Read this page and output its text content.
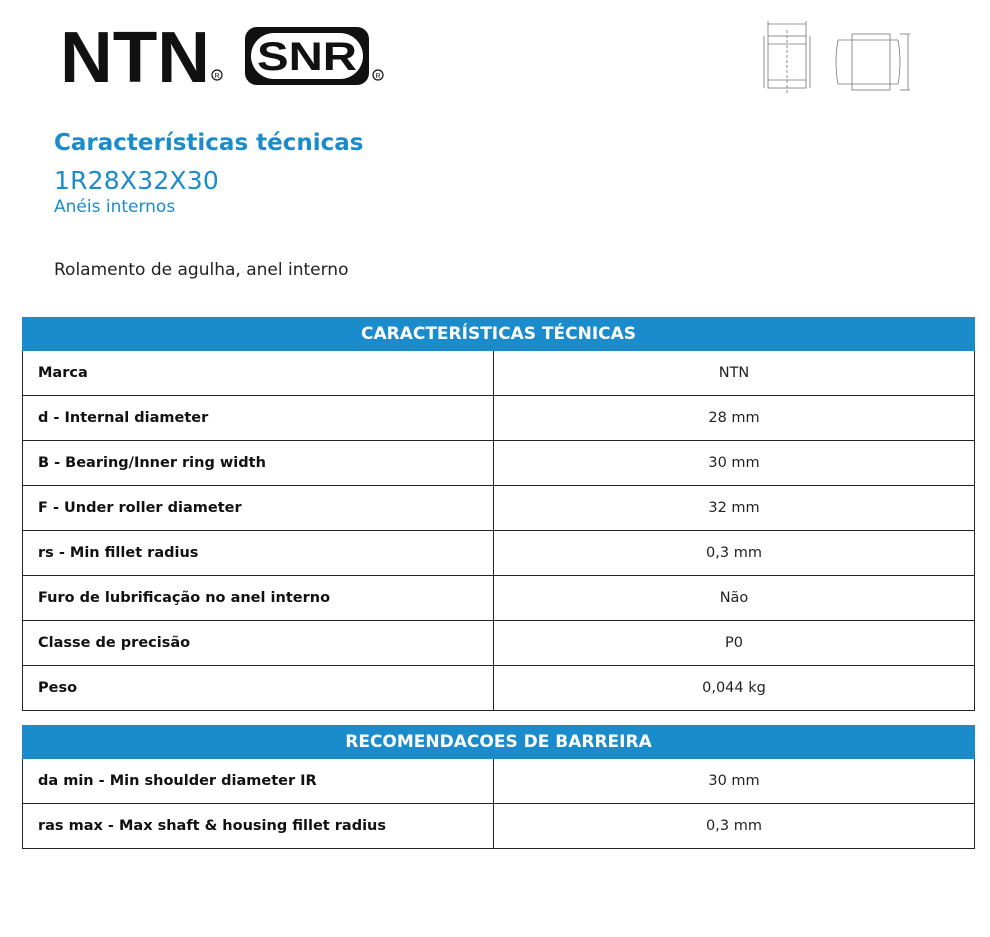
NTN R SNR	R
Características técnicas
1R28X32X30
Anéis internos
Rolamento de agulha, anel interno
CARACTERÍSTICAS TÉCNICAS	
Marca	NTN
d - Internal diameter	28 mm
B - Bearing/Inner ring width	30 mm
F - Under roller diameter	32 mm
rs - Min fillet radius	0,3 mm
Furo de lubrificação no anel interno	Não
Classe de precisão	P0
Peso	0,044 kg
RECOMENDACOES DE BARREIRA	
da min - Min shoulder diameter IR	30 mm
ras max - Max shaft & housing fillet radius	0,3 mm
